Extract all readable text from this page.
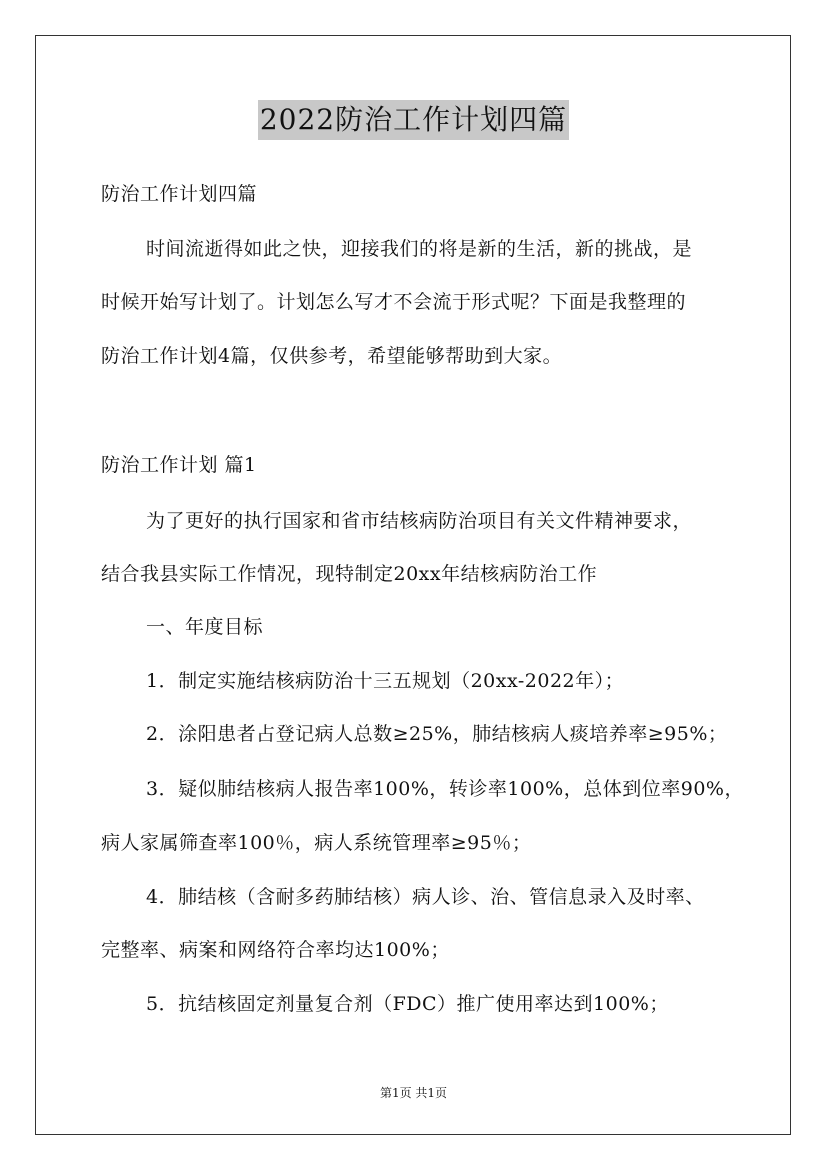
2022防治工作计划四篇
防治工作计划四篇
时间流逝得如此之快，迎接我们的将是新的生活，新的挑战，是
时候开始写计划了。计划怎么写才不会流于形式呢？下面是我整理的
防治工作计划4篇，仅供参考，希望能够帮助到大家。
防治工作计划 篇1
为了更好的执行国家和省市结核病防治项目有关文件精神要求，
结合我县实际工作情况，现特制定20xx年结核病防治工作
一、年度目标
1．制定实施结核病防治十三五规划（20xx-2022年）；
2．涂阳患者占登记病人总数≥25%，肺结核病人痰培养率≥95%；
3．疑似肺结核病人报告率100%，转诊率100%，总体到位率90%，
病人家属筛查率100％，病人系统管理率≥95％；
4．肺结核（含耐多药肺结核）病人诊、治、管信息录入及时率、
完整率、病案和网络符合率均达100%；
5．抗结核固定剂量复合剂（FDC）推广使用率达到100%；
第1页 共1页
